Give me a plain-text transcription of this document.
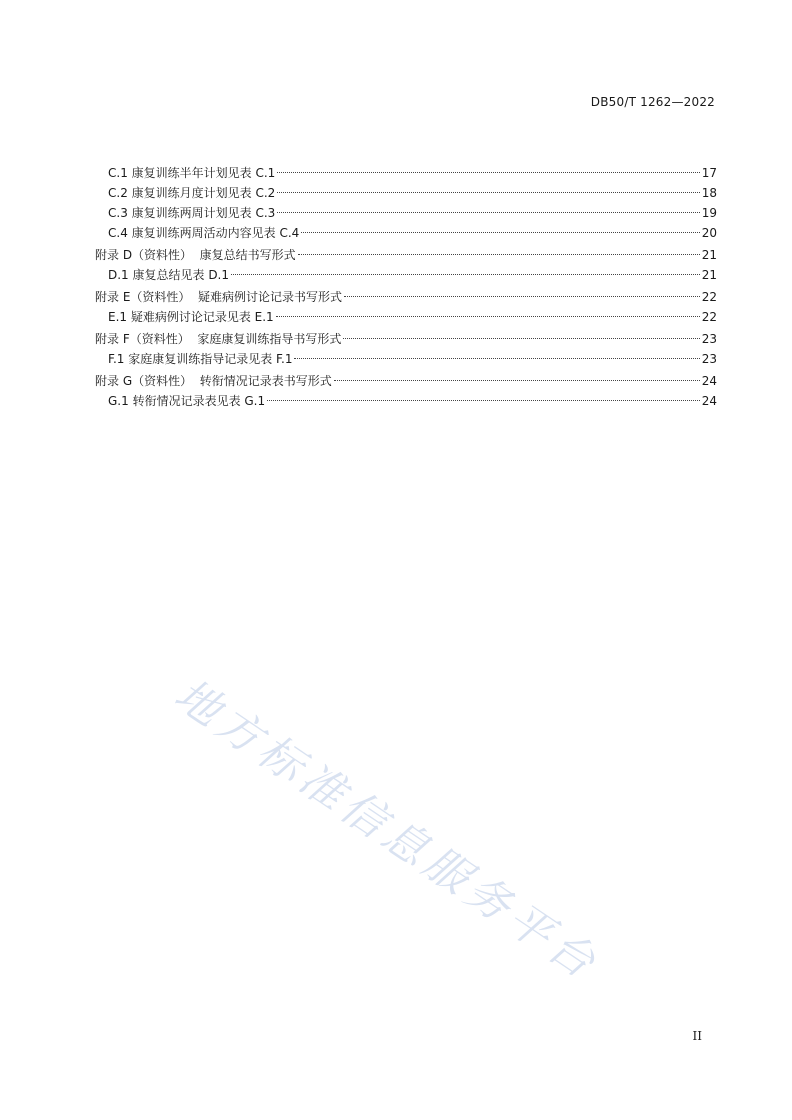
DB50/T 1262—2022
C.1 康复训练半年计划见表 C.1	17
C.2 康复训练月度计划见表 C.2	18
C.3 康复训练两周计划见表 C.3	19
C.4 康复训练两周活动内容见表 C.4	20
附录 D（资料性）  康复总结书写形式	21
D.1 康复总结见表 D.1	21
附录 E（资料性）  疑难病例讨论记录书写形式	22
E.1 疑难病例讨论记录见表 E.1	22
附录 F（资料性）  家庭康复训练指导书写形式	23
F.1 家庭康复训练指导记录见表 F.1	23
附录 G（资料性）  转衔情况记录表书写形式	24
G.1 转衔情况记录表见表 G.1	24
地方标准信息服务平台
II
